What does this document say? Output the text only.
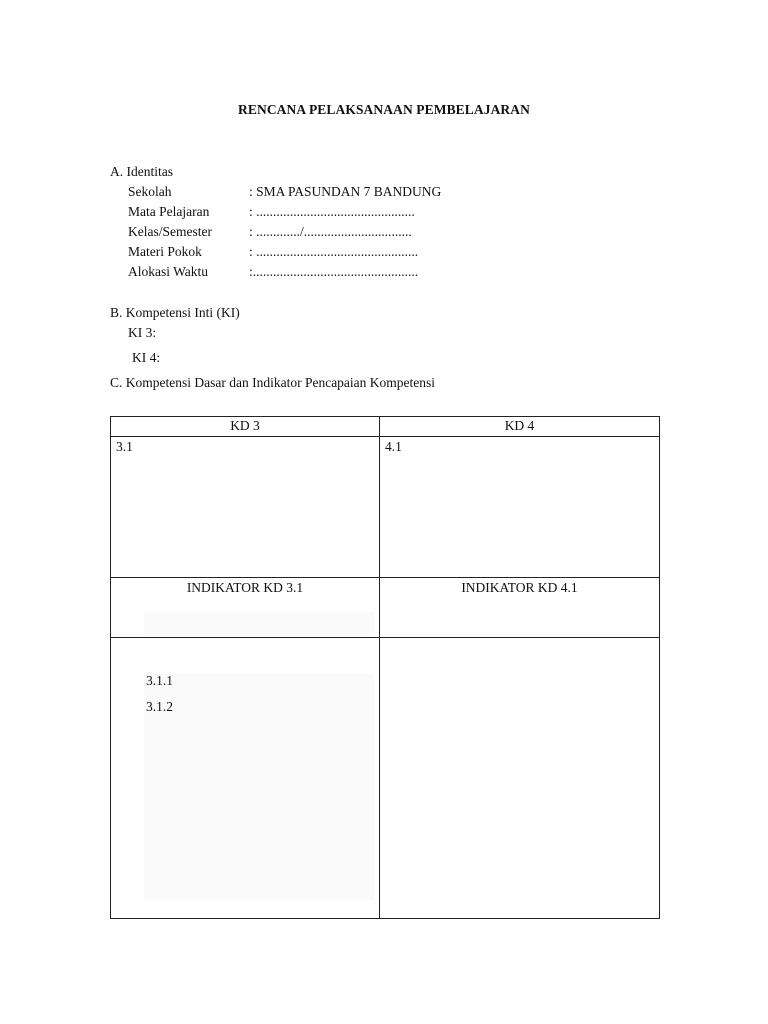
RENCANA PELAKSANAAN PEMBELAJARAN
A. Identitas
Sekolah	: SMA PASUNDAN 7 BANDUNG
Mata Pelajaran	: ...............................................
Kelas/Semester	: ............./................................
Materi Pokok	: ................................................
Alokasi Waktu	:.................................................
B. Kompetensi Inti (KI)
KI 3:
KI 4:
C. Kompetensi Dasar dan Indikator Pencapaian Kompetensi
KD 3	KD 4

3.1	4.1

INDIKATOR KD 3.1	INDIKATOR KD 4.1

3.1.1
3.1.2	
